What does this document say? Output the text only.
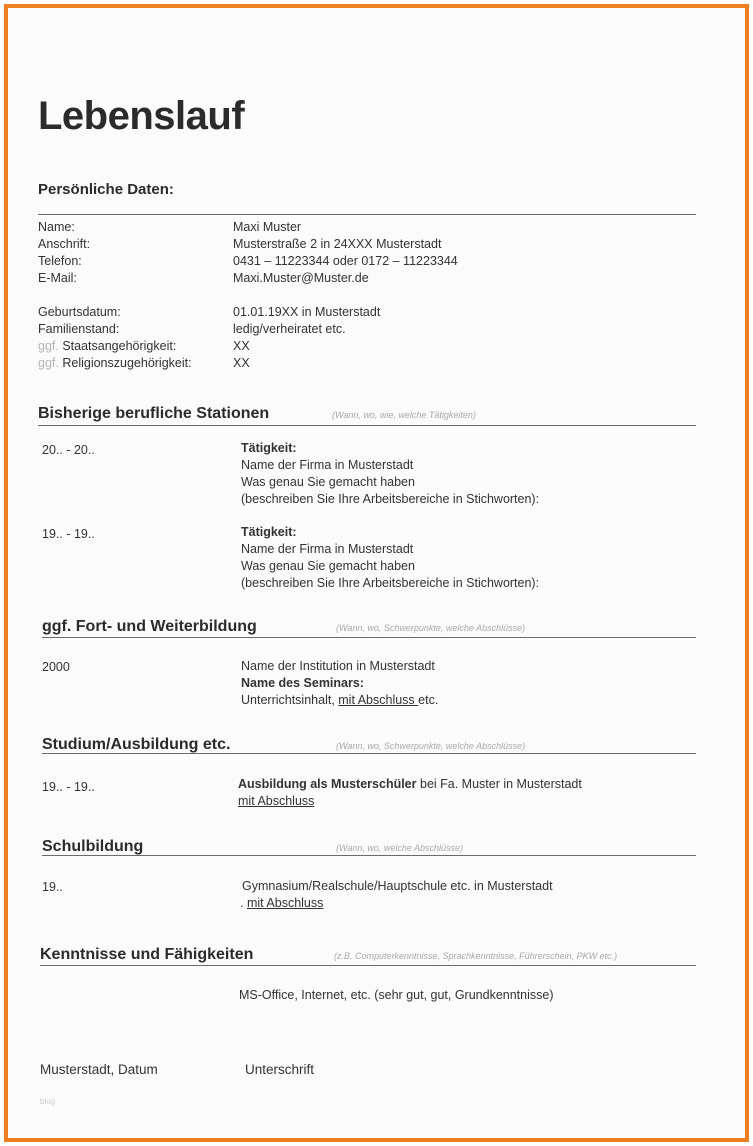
Lebenslauf
Persönliche Daten:
Name:	Maxi Muster
Anschrift:	Musterstraße 2 in 24XXX Musterstadt
Telefon:	0431 – 11223344 oder 0172 – 11223344
E-Mail:	Maxi.Muster@Muster.de
Geburtsdatum:	01.01.19XX in Musterstadt
Familienstand:	ledig/verheiratet etc.
ggf. Staatsangehörigkeit:	XX
ggf. Religionszugehörigkeit:	XX
Bisherige berufliche Stationen	(Wann, wo, wie, welche Tätigkeiten)
20.. - 20..	Tätigkeit:
Name der Firma in Musterstadt
Was genau Sie gemacht haben
(beschreiben Sie Ihre Arbeitsbereiche in Stichworten):
19.. - 19..	Tätigkeit:
Name der Firma in Musterstadt
Was genau Sie gemacht haben
(beschreiben Sie Ihre Arbeitsbereiche in Stichworten):
ggf. Fort- und Weiterbildung	(Wann, wo, Schwerpunkte, welche Abschlüsse)
2000	Name der Institution in Musterstadt
Name des Seminars:
Unterrichtsinhalt, mit Abschluss etc.
Studium/Ausbildung etc.	(Wann, wo, Schwerpunkte, welche Abschlüsse)
19.. - 19..	Ausbildung als Musterschüler bei Fa. Muster in Musterstadt
mit Abschluss
Schulbildung	(Wann, wo, welche Abschlüsse)
19..	Gymnasium/Realschule/Hauptschule etc. in Musterstadt
. mit Abschluss
Kenntnisse und Fähigkeiten	(z.B. Computerkenntnisse, Sprachkenntnisse, Führerschein, PKW etc.)
MS-Office, Internet, etc. (sehr gut, gut, Grundkenntnisse)
Musterstadt, Datum	Unterschrift
blog
